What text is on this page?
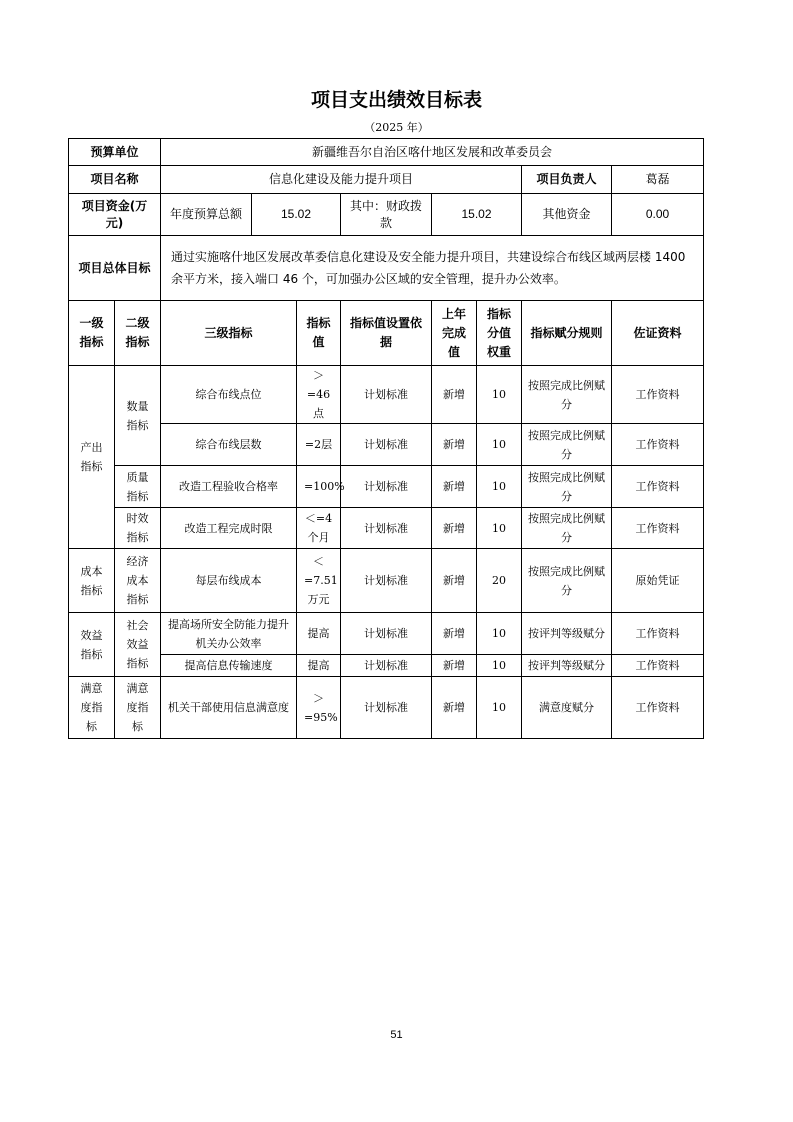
项目支出绩效目标表
（2025 年）
预算单位		新疆维吾尔自治区喀什地区发展和改革委员会							
项目名称		信息化建设及能力提升项目						项目负责人	葛磊
项目资金(万元)		年度预算总额	15.02		其中：财政拨款	15.02		其他资金	0.00
项目总体目标		通过实施喀什地区发展改革委信息化建设及安全能力提升项目，共建设综合布线区域两层楼 1400 余平方米，接入端口 46 个，可加强办公区域的安全管理，提升办公效率。							
一级指标	二级指标	三级指标		指标值	指标值设置依据	上年完成值	指标分值权重	指标赋分规则	佐证资料
产出指标	数量指标	综合布线点位		＞=46点	计划标准	新增	10	按照完成比例赋分	工作资料
		综合布线层数		=2层	计划标准	新增	10	按照完成比例赋分	工作资料
	质量指标	改造工程验收合格率		=100%	计划标准	新增	10	按照完成比例赋分	工作资料
	时效指标	改造工程完成时限		＜=4个月	计划标准	新增	10	按照完成比例赋分	工作资料
成本指标	经济成本指标	每层布线成本		＜=7.51万元	计划标准	新增	20	按照完成比例赋分	原始凭证
效益指标	社会效益指标	提高场所安全防能力提升机关办公效率		提高	计划标准	新增	10	按评判等级赋分	工作资料
		提高信息传输速度		提高	计划标准	新增	10	按评判等级赋分	工作资料
满意度指标	满意度指标	机关干部使用信息满意度		＞=95%	计划标准	新增	10	满意度赋分	工作资料
51
